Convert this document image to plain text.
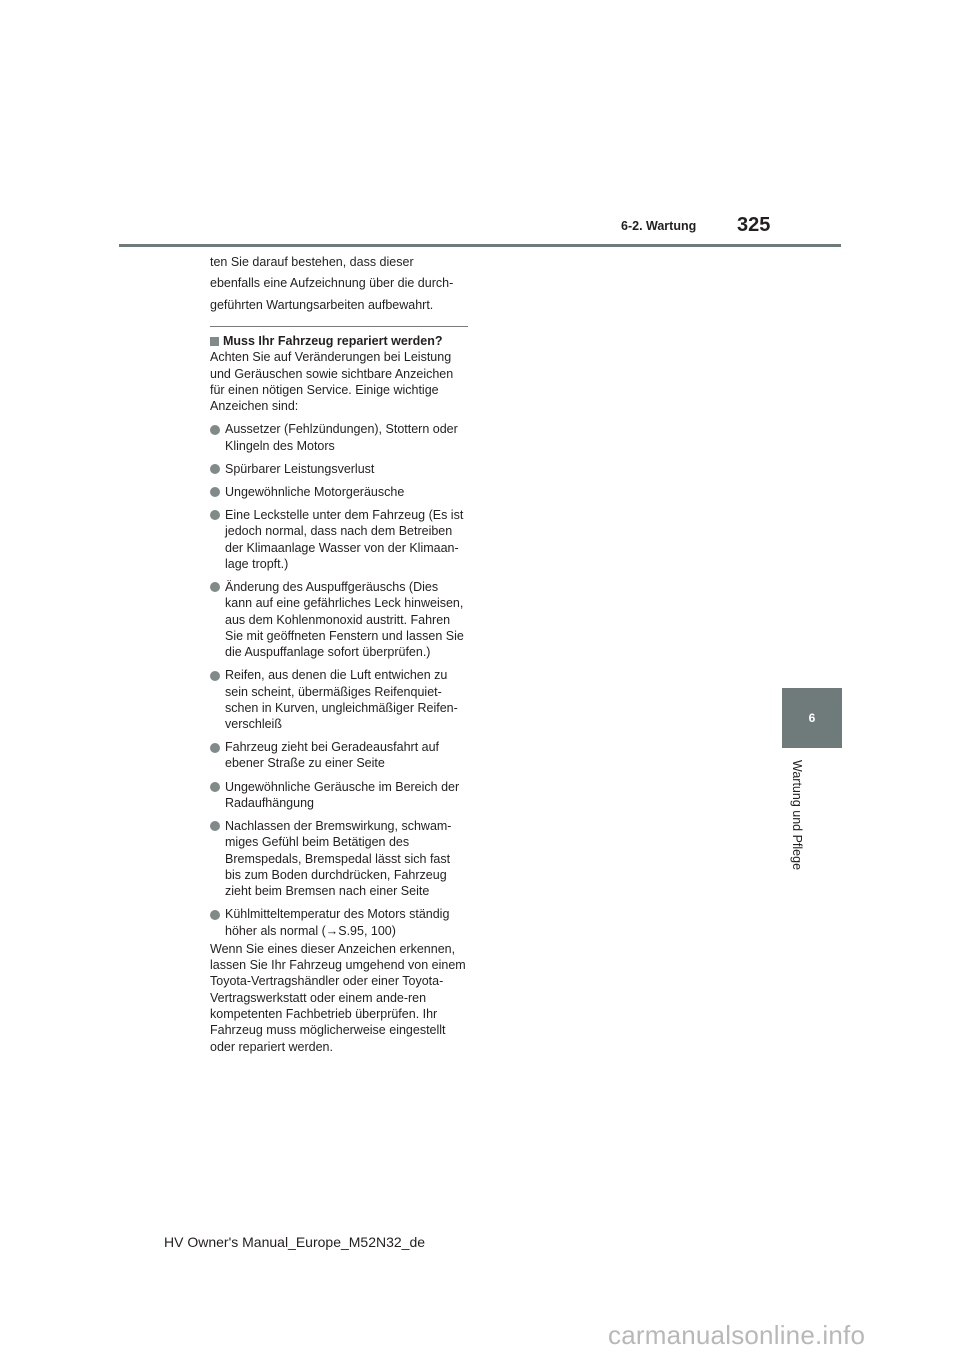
6-2. Wartung 325
6
Wartung und Pflege

ten Sie darauf bestehen, dass dieser

ebenfalls eine Aufzeichnung über die durch-

geführten Wartungsarbeiten aufbewahrt.

Muss Ihr Fahrzeug repariert werden?

Achten Sie auf Veränderungen bei Leistung und Geräuschen sowie sichtbare Anzeichen für einen nötigen Service. Einige wichtige Anzeichen sind:

Aussetzer (Fehlzündungen), Stottern oder Klingeln des Motors
Spürbarer Leistungsverlust
Ungewöhnliche Motorgeräusche
Eine Leckstelle unter dem Fahrzeug (Es ist jedoch normal, dass nach dem Betreiben der Klimaanlage Wasser von der Klimaan-lage tropft.)
Änderung des Auspuffgeräuschs (Dies kann auf eine gefährliches Leck hinweisen, aus dem Kohlenmonoxid austritt. Fahren Sie mit geöffneten Fenstern und lassen Sie die Auspuffanlage sofort überprüfen.)
Reifen, aus denen die Luft entwichen zu sein scheint, übermäßiges Reifenquiet-schen in Kurven, ungleichmäßiger Reifen-verschleiß
Fahrzeug zieht bei Geradeausfahrt auf ebener Straße zu einer Seite
Ungewöhnliche Geräusche im Bereich der Radaufhängung
Nachlassen der Bremswirkung, schwam-miges Gefühl beim Betätigen des Bremspedals, Bremspedal lässt sich fast bis zum Boden durchdrücken, Fahrzeug zieht beim Bremsen nach einer Seite
Kühlmitteltemperatur des Motors ständig höher als normal (→S.95, 100)

Wenn Sie eines dieser Anzeichen erkennen, lassen Sie Ihr Fahrzeug umgehend von einem Toyota-Vertragshändler oder einer Toyota-Vertragswerkstatt oder einem ande-ren kompetenten Fachbetrieb überprüfen. Ihr Fahrzeug muss möglicherweise eingestellt oder repariert werden.

HV Owner's Manual_Europe_M52N32_de
carmanualsonline.info
